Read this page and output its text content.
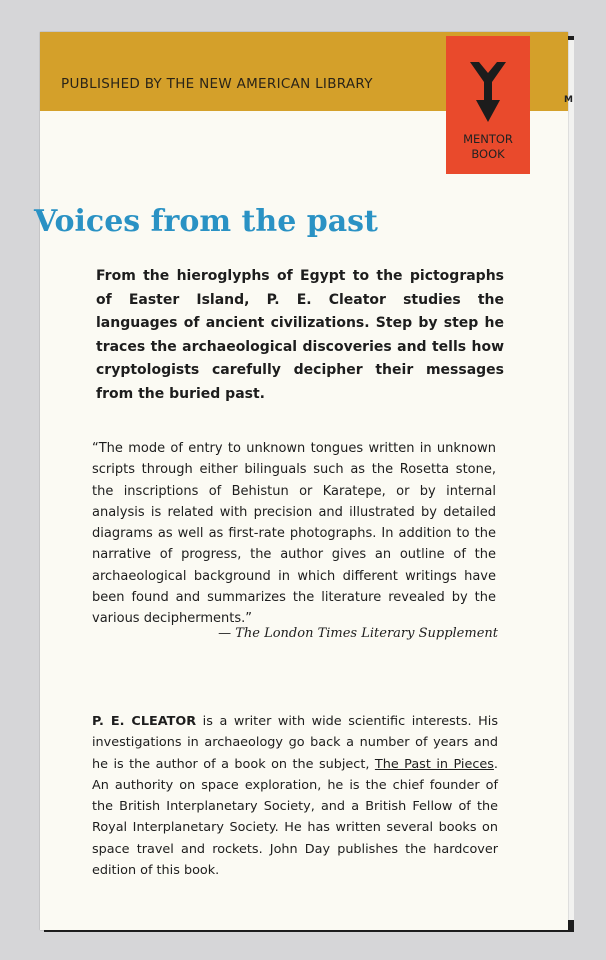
PUBLISHED BY THE NEW AMERICAN LIBRARY
M
MENTOR
BOOK
Voices from the past
From the hieroglyphs of Egypt to the pictographs of Easter Island, P. E. Cleator studies the languages of ancient civilizations. Step by step he traces the archaeological discoveries and tells how cryptologists carefully decipher their messages from the buried past.
“The mode of entry to unknown tongues written in unknown scripts through either bilinguals such as the Rosetta stone, the inscriptions of Behistun or Karatepe, or by internal analysis is related with precision and illustrated by detailed diagrams as well as first-rate photographs. In addition to the narrative of progress, the author gives an outline of the archaeological background in which different writings have been found and summarizes the literature revealed by the various decipherments.”
— The London Times Literary Supplement
P. E. CLEATOR is a writer with wide scientific interests. His investigations in archaeology go back a number of years and he is the author of a book on the subject, The Past in Pieces. An authority on space exploration, he is the chief founder of the British Interplanetary Society, and a British Fellow of the Royal Interplanetary Society. He has written several books on space travel and rockets. John Day publishes the hardcover edition of this book.
